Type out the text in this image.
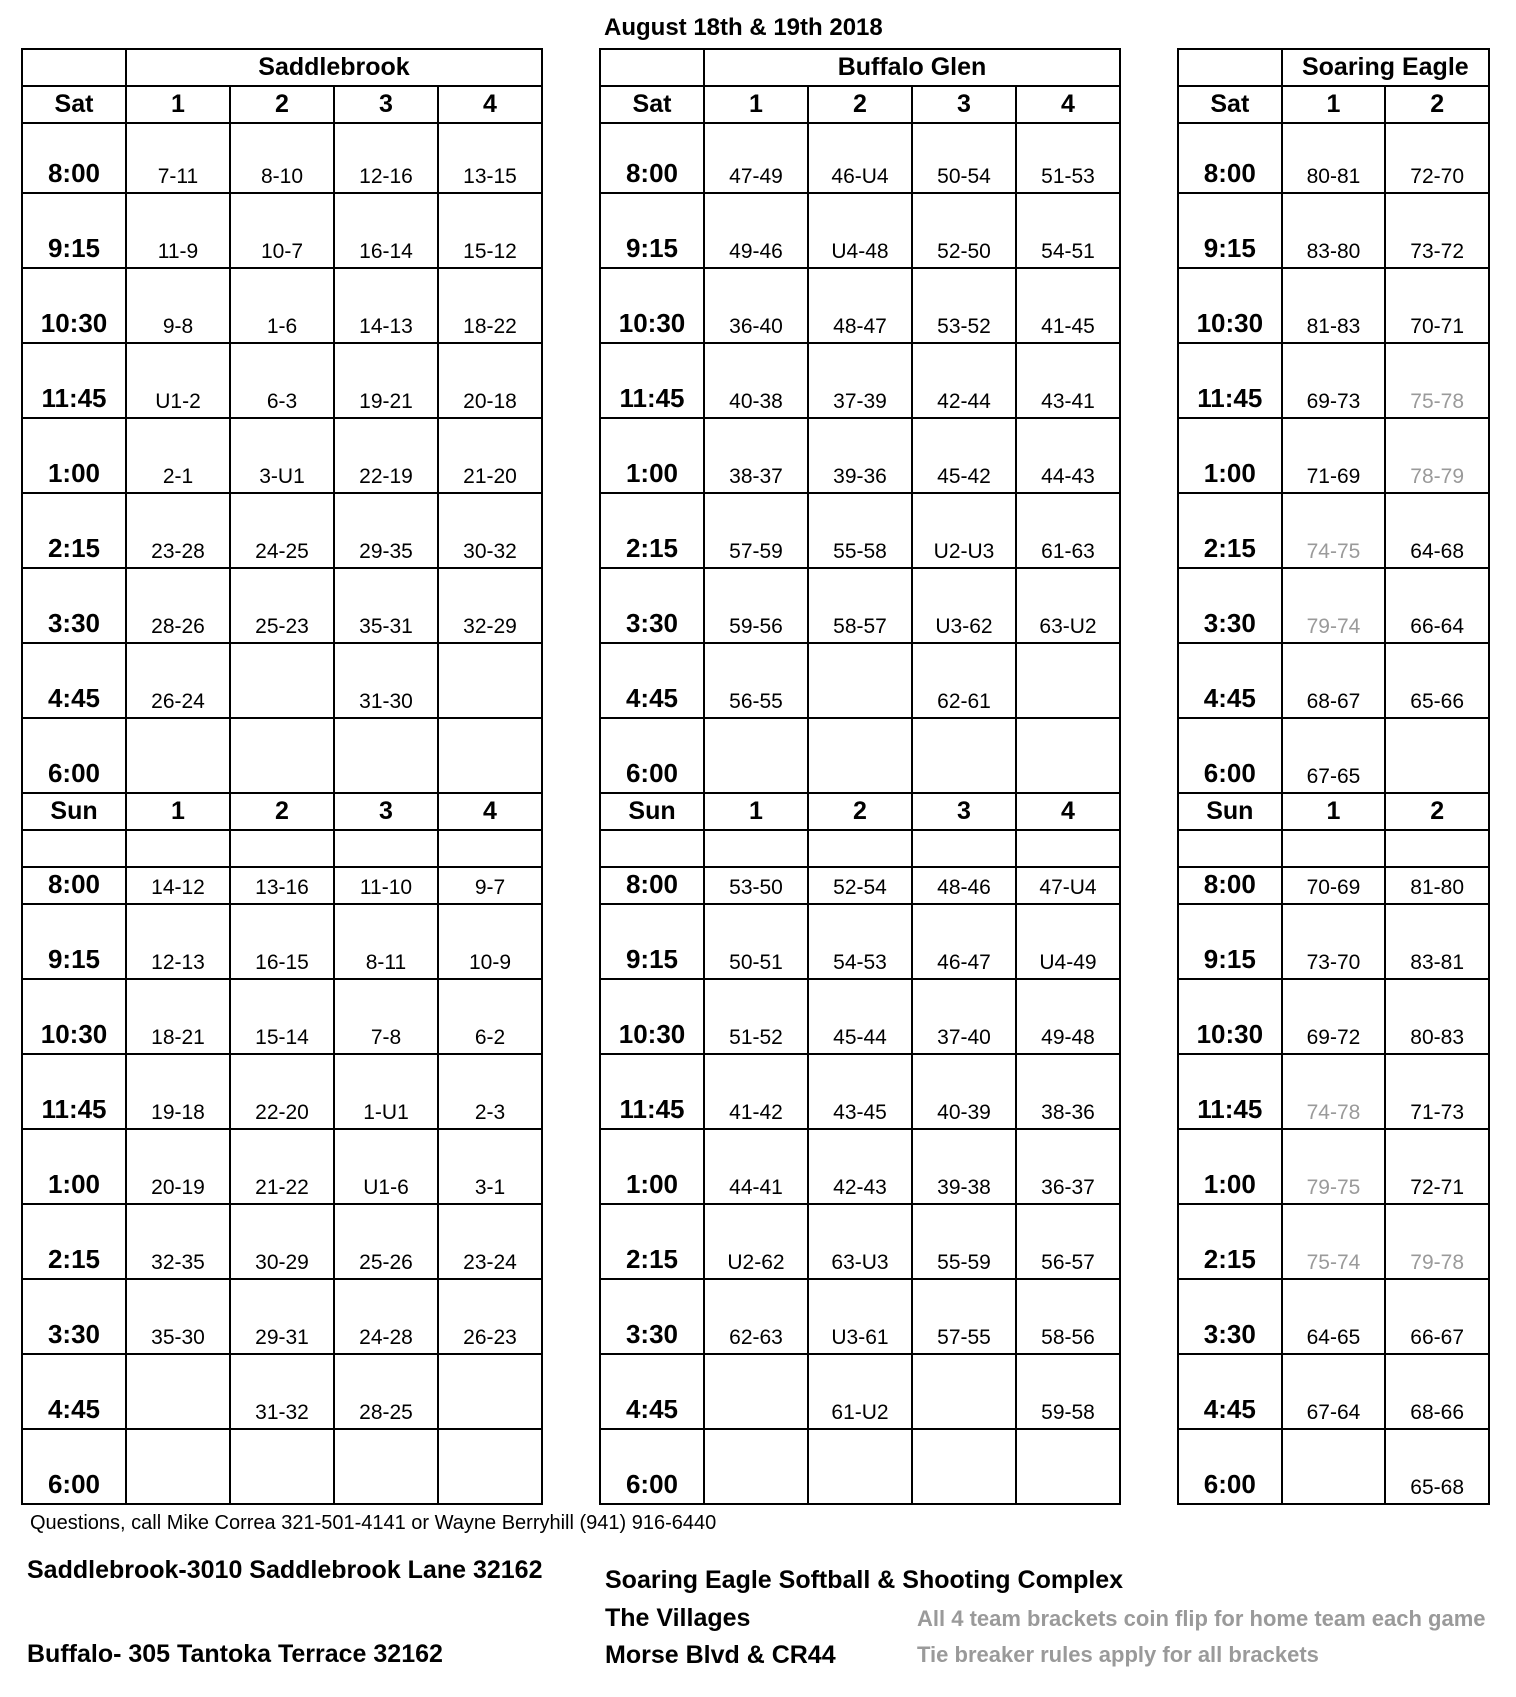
August 18th & 19th 2018
	Saddlebrook			
Sat	1	2	3	4
8:00	7-11	8-10	12-16	13-15
9:15	11-9	10-7	16-14	15-12
10:30	9-8	1-6	14-13	18-22
11:45	U1-2	6-3	19-21	20-18
1:00	2-1	3-U1	22-19	21-20
2:15	23-28	24-25	29-35	30-32
3:30	28-26	25-23	35-31	32-29
4:45	26-24		31-30	
6:00				
Sun	1	2	3	4

8:00	14-12	13-16	11-10	9-7
9:15	12-13	16-15	8-11	10-9
10:30	18-21	15-14	7-8	6-2
11:45	19-18	22-20	1-U1	2-3
1:00	20-19	21-22	U1-6	3-1
2:15	32-35	30-29	25-26	23-24
3:30	35-30	29-31	24-28	26-23
4:45		31-32	28-25	
6:00				
	Buffalo Glen			
Sat	1	2	3	4
8:00	47-49	46-U4	50-54	51-53
9:15	49-46	U4-48	52-50	54-51
10:30	36-40	48-47	53-52	41-45
11:45	40-38	37-39	42-44	43-41
1:00	38-37	39-36	45-42	44-43
2:15	57-59	55-58	U2-U3	61-63
3:30	59-56	58-57	U3-62	63-U2
4:45	56-55		62-61	
6:00				
Sun	1	2	3	4

8:00	53-50	52-54	48-46	47-U4
9:15	50-51	54-53	46-47	U4-49
10:30	51-52	45-44	37-40	49-48
11:45	41-42	43-45	40-39	38-36
1:00	44-41	42-43	39-38	36-37
2:15	U2-62	63-U3	55-59	56-57
3:30	62-63	U3-61	57-55	58-56
4:45		61-U2		59-58
6:00				
	Soaring Eagle	
Sat	1	2
8:00	80-81	72-70
9:15	83-80	73-72
10:30	81-83	70-71
11:45	69-73	75-78
1:00	71-69	78-79
2:15	74-75	64-68
3:30	79-74	66-64
4:45	68-67	65-66
6:00	67-65	
Sun	1	2

8:00	70-69	81-80
9:15	73-70	83-81
10:30	69-72	80-83
11:45	74-78	71-73
1:00	79-75	72-71
2:15	75-74	79-78
3:30	64-65	66-67
4:45	67-64	68-66
6:00		65-68
Questions, call Mike Correa 321-501-4141 or Wayne Berryhill (941) 916-6440
Saddlebrook-3010 Saddlebrook Lane 32162
Buffalo- 305 Tantoka Terrace 32162
Soaring Eagle Softball & Shooting Complex
The Villages
Morse Blvd & CR44
All 4 team brackets coin flip for home team each game
Tie breaker rules apply for all brackets
